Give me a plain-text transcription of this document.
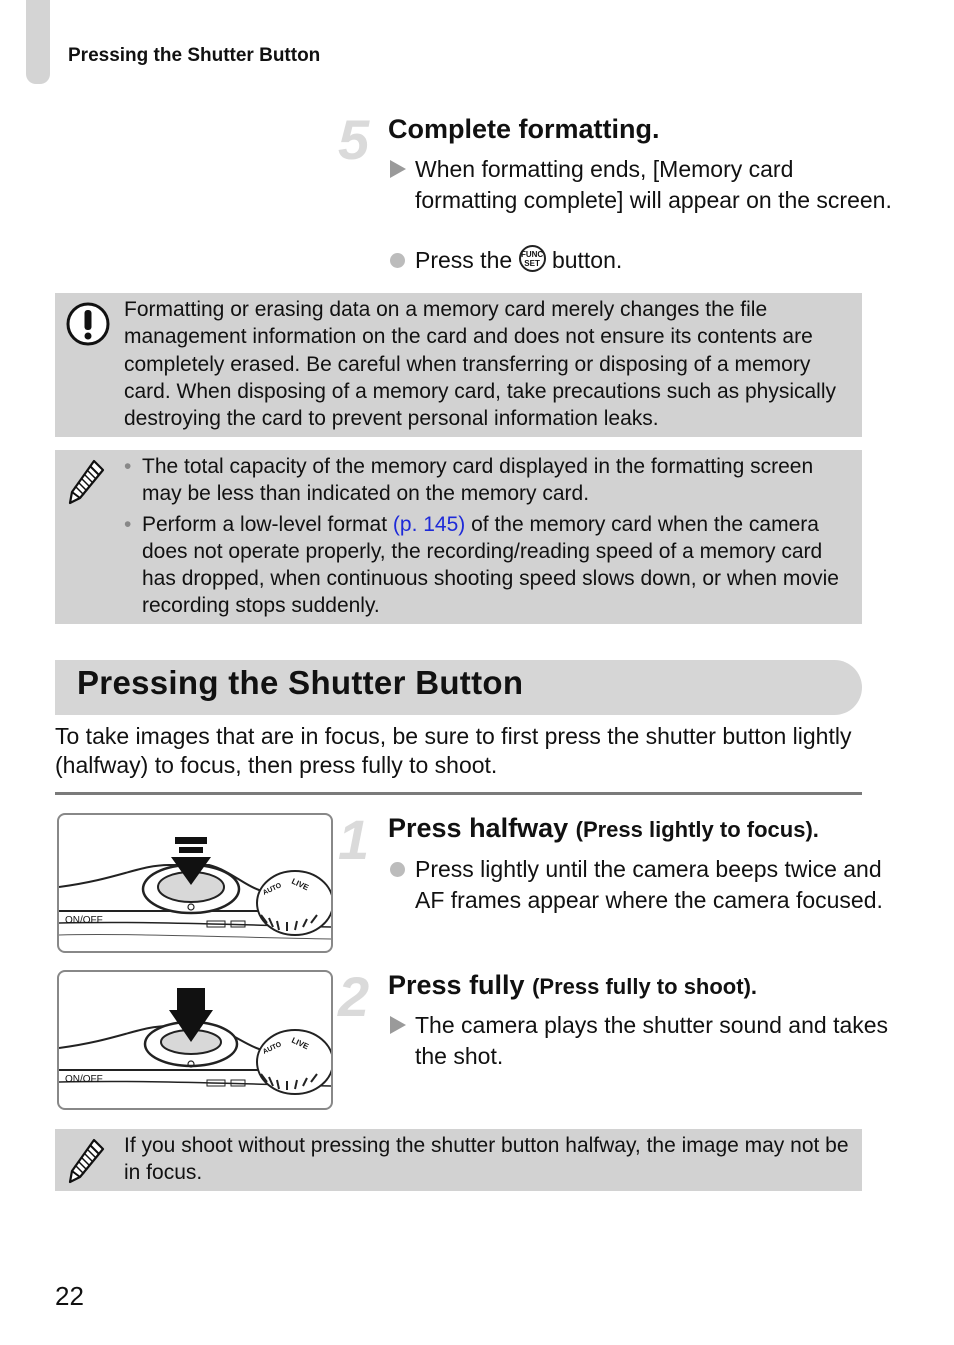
Pressing the Shutter Button
5 Complete formatting.
When formatting ends, [Memory card formatting complete] will appear on the screen.
Press the FUNC
SET button.
Formatting or erasing data on a memory card merely changes the file management information on the card and does not ensure its contents are completely erased. Be careful when transferring or disposing of a memory card. When disposing of a memory card, take precautions such as physically destroying the card to prevent personal information leaks.
• The total capacity of the memory card displayed in the formatting screen may be less than indicated on the memory card.
• Perform a low-level format (p. 145) of the memory card when the camera does not operate properly, the recording/reading speed of a memory card has dropped, when continuous shooting speed slows down, or when movie recording stops suddenly.
Pressing the Shutter Button
To take images that are in focus, be sure to first press the shutter button lightly (halfway) to focus, then press fully to shoot.
ON/OFF
AUTO LIVE
1 Press halfway (Press lightly to focus).
Press lightly until the camera beeps twice and AF frames appear where the camera focused.
ON/OFF
AUTO LIVE
2 Press fully (Press fully to shoot).
The camera plays the shutter sound and takes the shot.
If you shoot without pressing the shutter button halfway, the image may not be in focus.
22
